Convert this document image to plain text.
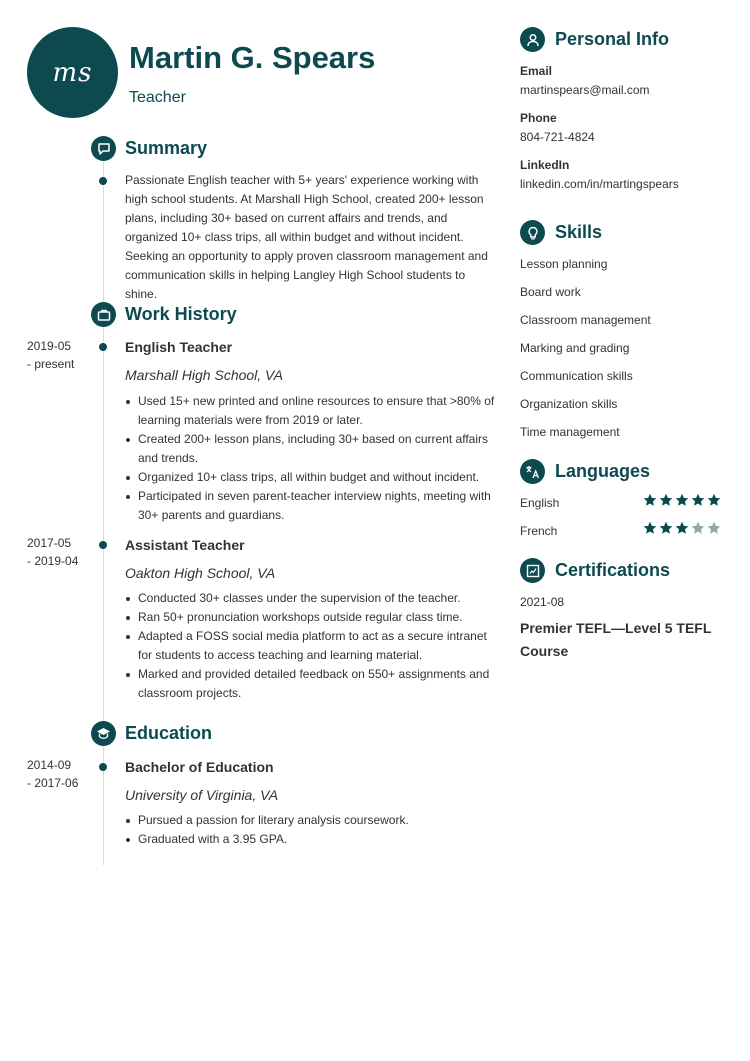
ms Martin G. Spears
Teacher
Summary
Passionate English teacher with 5+ years' experience working with high school students. At Marshall High School, created 200+ lesson plans, including 30+ based on current affairs and trends, and organized 10+ class trips, all within budget and without incident. Seeking an opportunity to apply proven classroom management and communication skills in helping Langley High School students to shine.
Work History
2019-05
- present
English Teacher
Marshall High School, VA
Used 15+ new printed and online resources to ensure that >80% of learning materials were from 2019 or later.
Created 200+ lesson plans, including 30+ based on current affairs and trends.
Organized 10+ class trips, all within budget and without incident.
Participated in seven parent-teacher interview nights, meeting with 30+ parents and guardians.
2017-05
- 2019-04
Assistant Teacher
Oakton High School, VA
Conducted 30+ classes under the supervision of the teacher.
Ran 50+ pronunciation workshops outside regular class time.
Adapted a FOSS social media platform to act as a secure intranet for students to access teaching and learning material.
Marked and provided detailed feedback on 550+ assignments and classroom projects.
Education
2014-09
- 2017-06
Bachelor of Education
University of Virginia, VA
Pursued a passion for literary analysis coursework.
Graduated with a 3.95 GPA.
Personal Info
Email
martinspears@mail.com
Phone
804-721-4824
LinkedIn
linkedin.com/in/martingspears
Skills
Lesson planning
Board work
Classroom management
Marking and grading
Communication skills
Organization skills
Time management
Languages
English
French
Certifications
2021-08
Premier TEFL—Level 5 TEFL Course
